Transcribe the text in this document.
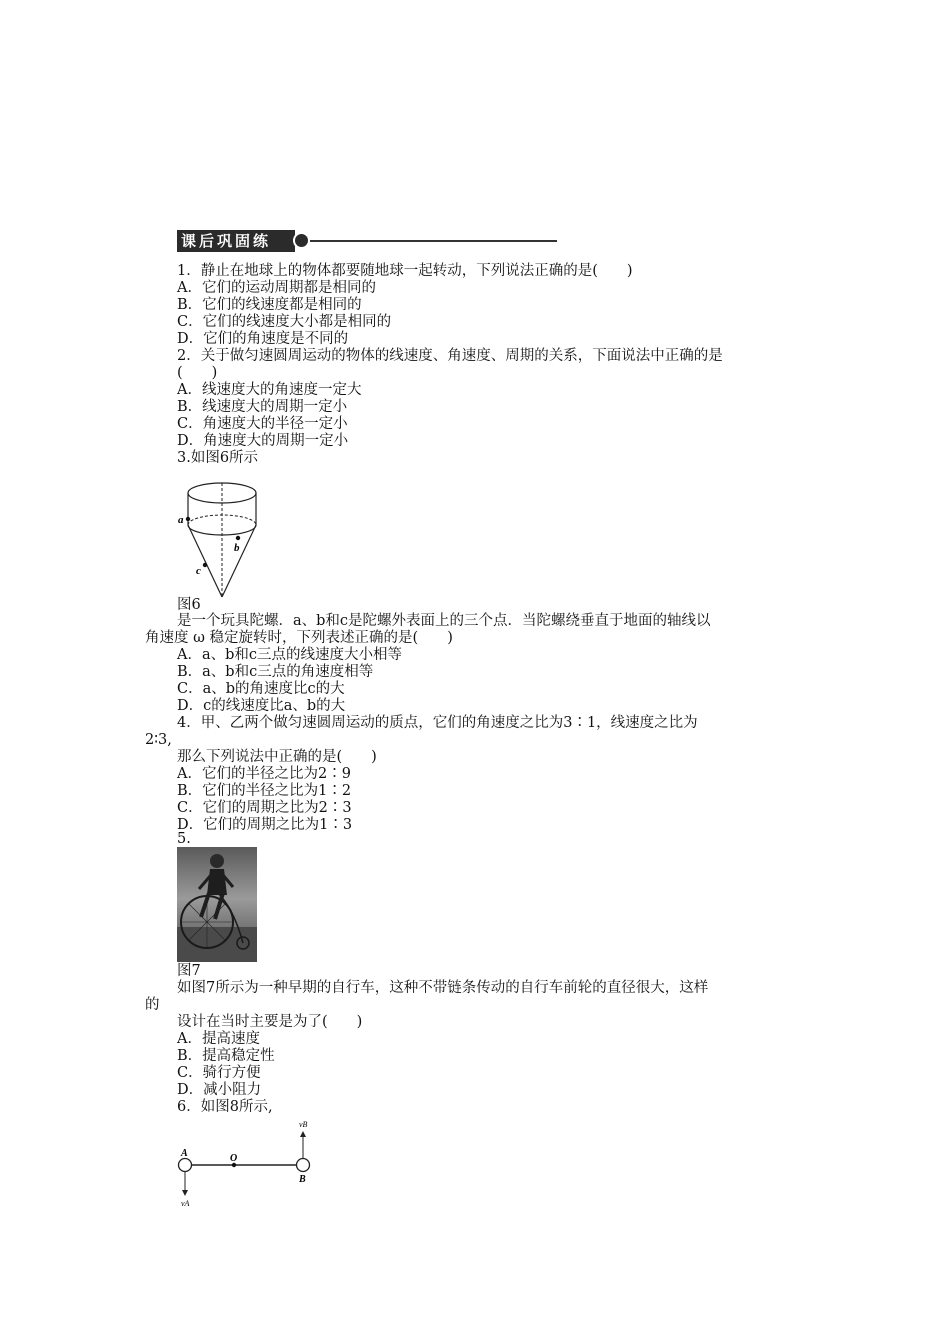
课后巩固练
1．静止在地球上的物体都要随地球一起转动，下列说法正确的是(　　)
A．它们的运动周期都是相同的
B．它们的线速度都是相同的
C．它们的线速度大小都是相同的
D．它们的角速度是不同的
2．关于做匀速圆周运动的物体的线速度、角速度、周期的关系，下面说法中正确的是
(　　)
A．线速度大的角速度一定大
B．线速度大的周期一定小
C．角速度大的半径一定小
D．角速度大的周期一定小
3.如图6所示
a
b
c
图6
是一个玩具陀螺．a、b和c是陀螺外表面上的三个点．当陀螺绕垂直于地面的轴线以
角速度 ω 稳定旋转时，下列表述正确的是(　　)
A．a、b和c三点的线速度大小相等
B．a、b和c三点的角速度相等
C．a、b的角速度比c的大
D．c的线速度比a、b的大
4．甲、乙两个做匀速圆周运动的质点，它们的角速度之比为3∶1，线速度之比为
2∶3,
那么下列说法中正确的是(　　)
A．它们的半径之比为2∶9
B．它们的半径之比为1∶2
C．它们的周期之比为2∶3
D．它们的周期之比为1∶3
5.
图7
如图7所示为一种早期的自行车，这种不带链条传动的自行车前轮的直径很大，这样
的
设计在当时主要是为了(　　)
A．提高速度
B．提高稳定性
C．骑行方便
D．减小阻力
6．如图8所示,
A	O
B
vA
vB
